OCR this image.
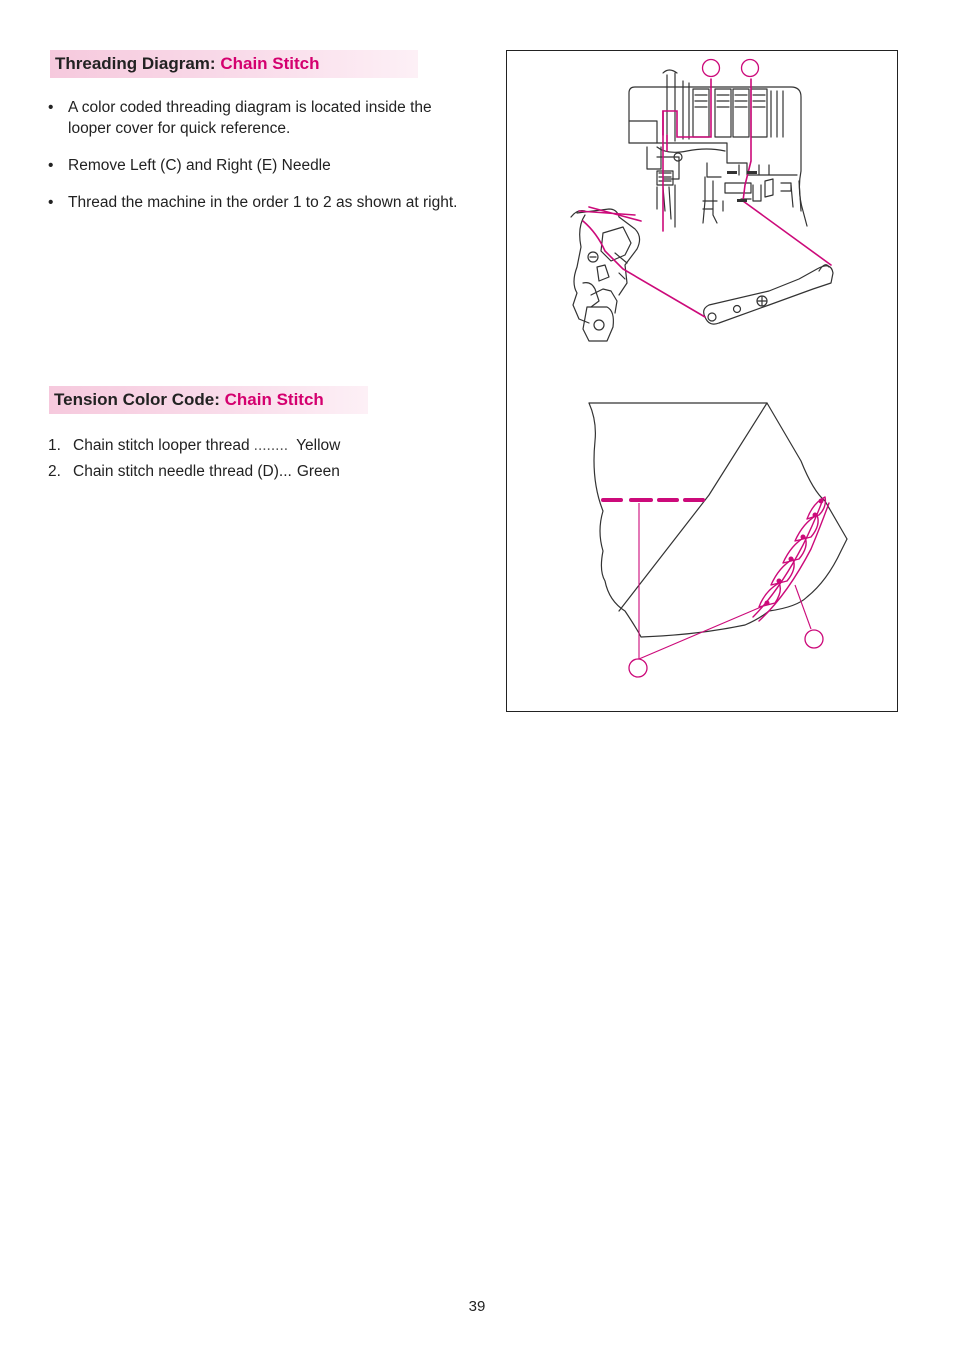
Threading Diagram: Chain Stitch
• A color coded threading diagram is located inside the looper cover for quick reference.
• Remove Left (C) and Right (E) Needle
• Thread the machine in the order 1 to 2 as shown at right.
Tension Color Code: Chain Stitch
1. Chain stitch looper thread ........ Yellow
2. Chain stitch needle thread (D)... Green
39
